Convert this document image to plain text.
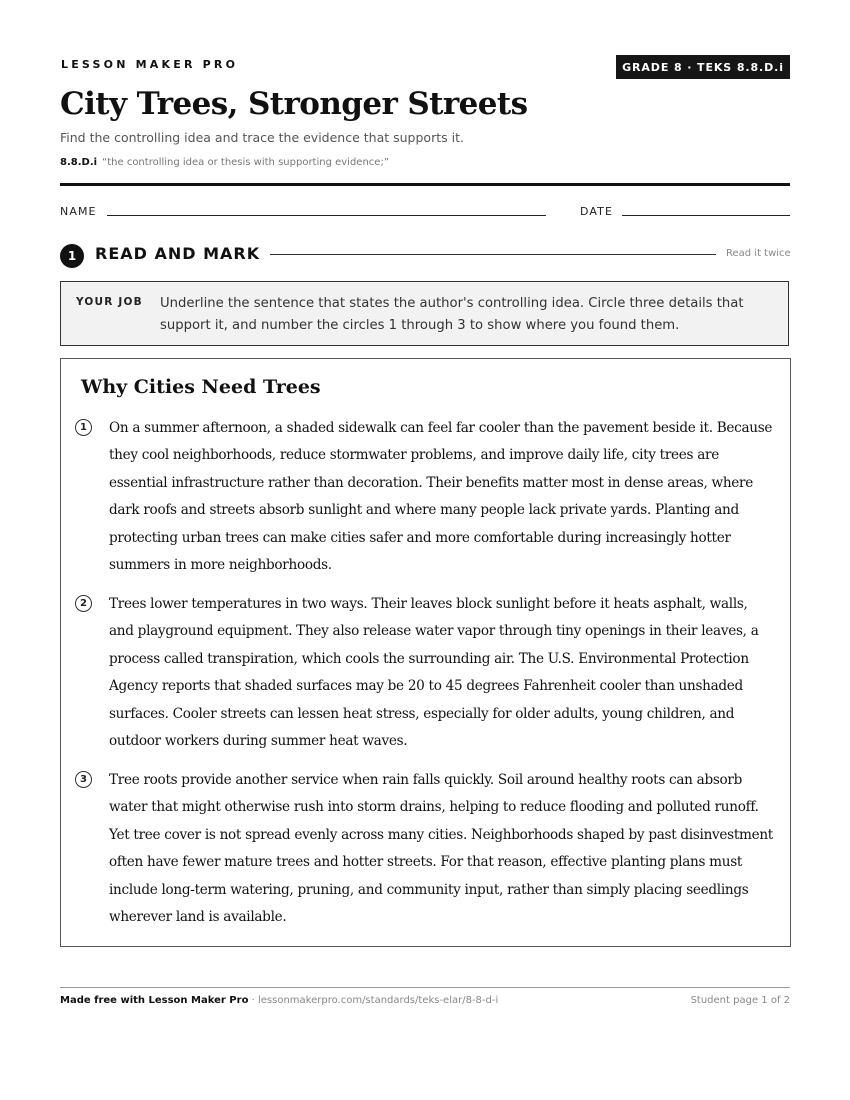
LESSON MAKER PRO	GRADE 8 · TEKS 8.8.D.i
City Trees, Stronger Streets
Find the controlling idea and trace the evidence that supports it.
8.8.D.i “the controlling idea or thesis with supporting evidence;”
NAME	DATE
1	READ AND MARK	Read it twice
YOUR JOB Underline the sentence that states the author's controlling idea. Circle three details that support it, and number the circles 1 through 3 to show where you found them.
Why Cities Need Trees
1	On a summer afternoon, a shaded sidewalk can feel far cooler than the pavement beside it. Because they cool neighborhoods, reduce stormwater problems, and improve daily life, city trees are essential infrastructure rather than decoration. Their benefits matter most in dense areas, where dark roofs and streets absorb sunlight and where many people lack private yards. Planting and protecting urban trees can make cities safer and more comfortable during increasingly hotter summers in more neighborhoods.

2	Trees lower temperatures in two ways. Their leaves block sunlight before it heats asphalt, walls, and playground equipment. They also release water vapor through tiny openings in their leaves, a process called transpiration, which cools the surrounding air. The U.S. Environmental Protection Agency reports that shaded surfaces may be 20 to 45 degrees Fahrenheit cooler than unshaded surfaces. Cooler streets can lessen heat stress, especially for older adults, young children, and outdoor workers during summer heat waves.

3	Tree roots provide another service when rain falls quickly. Soil around healthy roots can absorb water that might otherwise rush into storm drains, helping to reduce flooding and polluted runoff. Yet tree cover is not spread evenly across many cities. Neighborhoods shaped by past disinvestment often have fewer mature trees and hotter streets. For that reason, effective planting plans must include long-term watering, pruning, and community input, rather than simply placing seedlings wherever land is available.

Made free with Lesson Maker Pro · lessonmakerpro.com/standards/teks-elar/8-8-d-i	Student page 1 of 2
